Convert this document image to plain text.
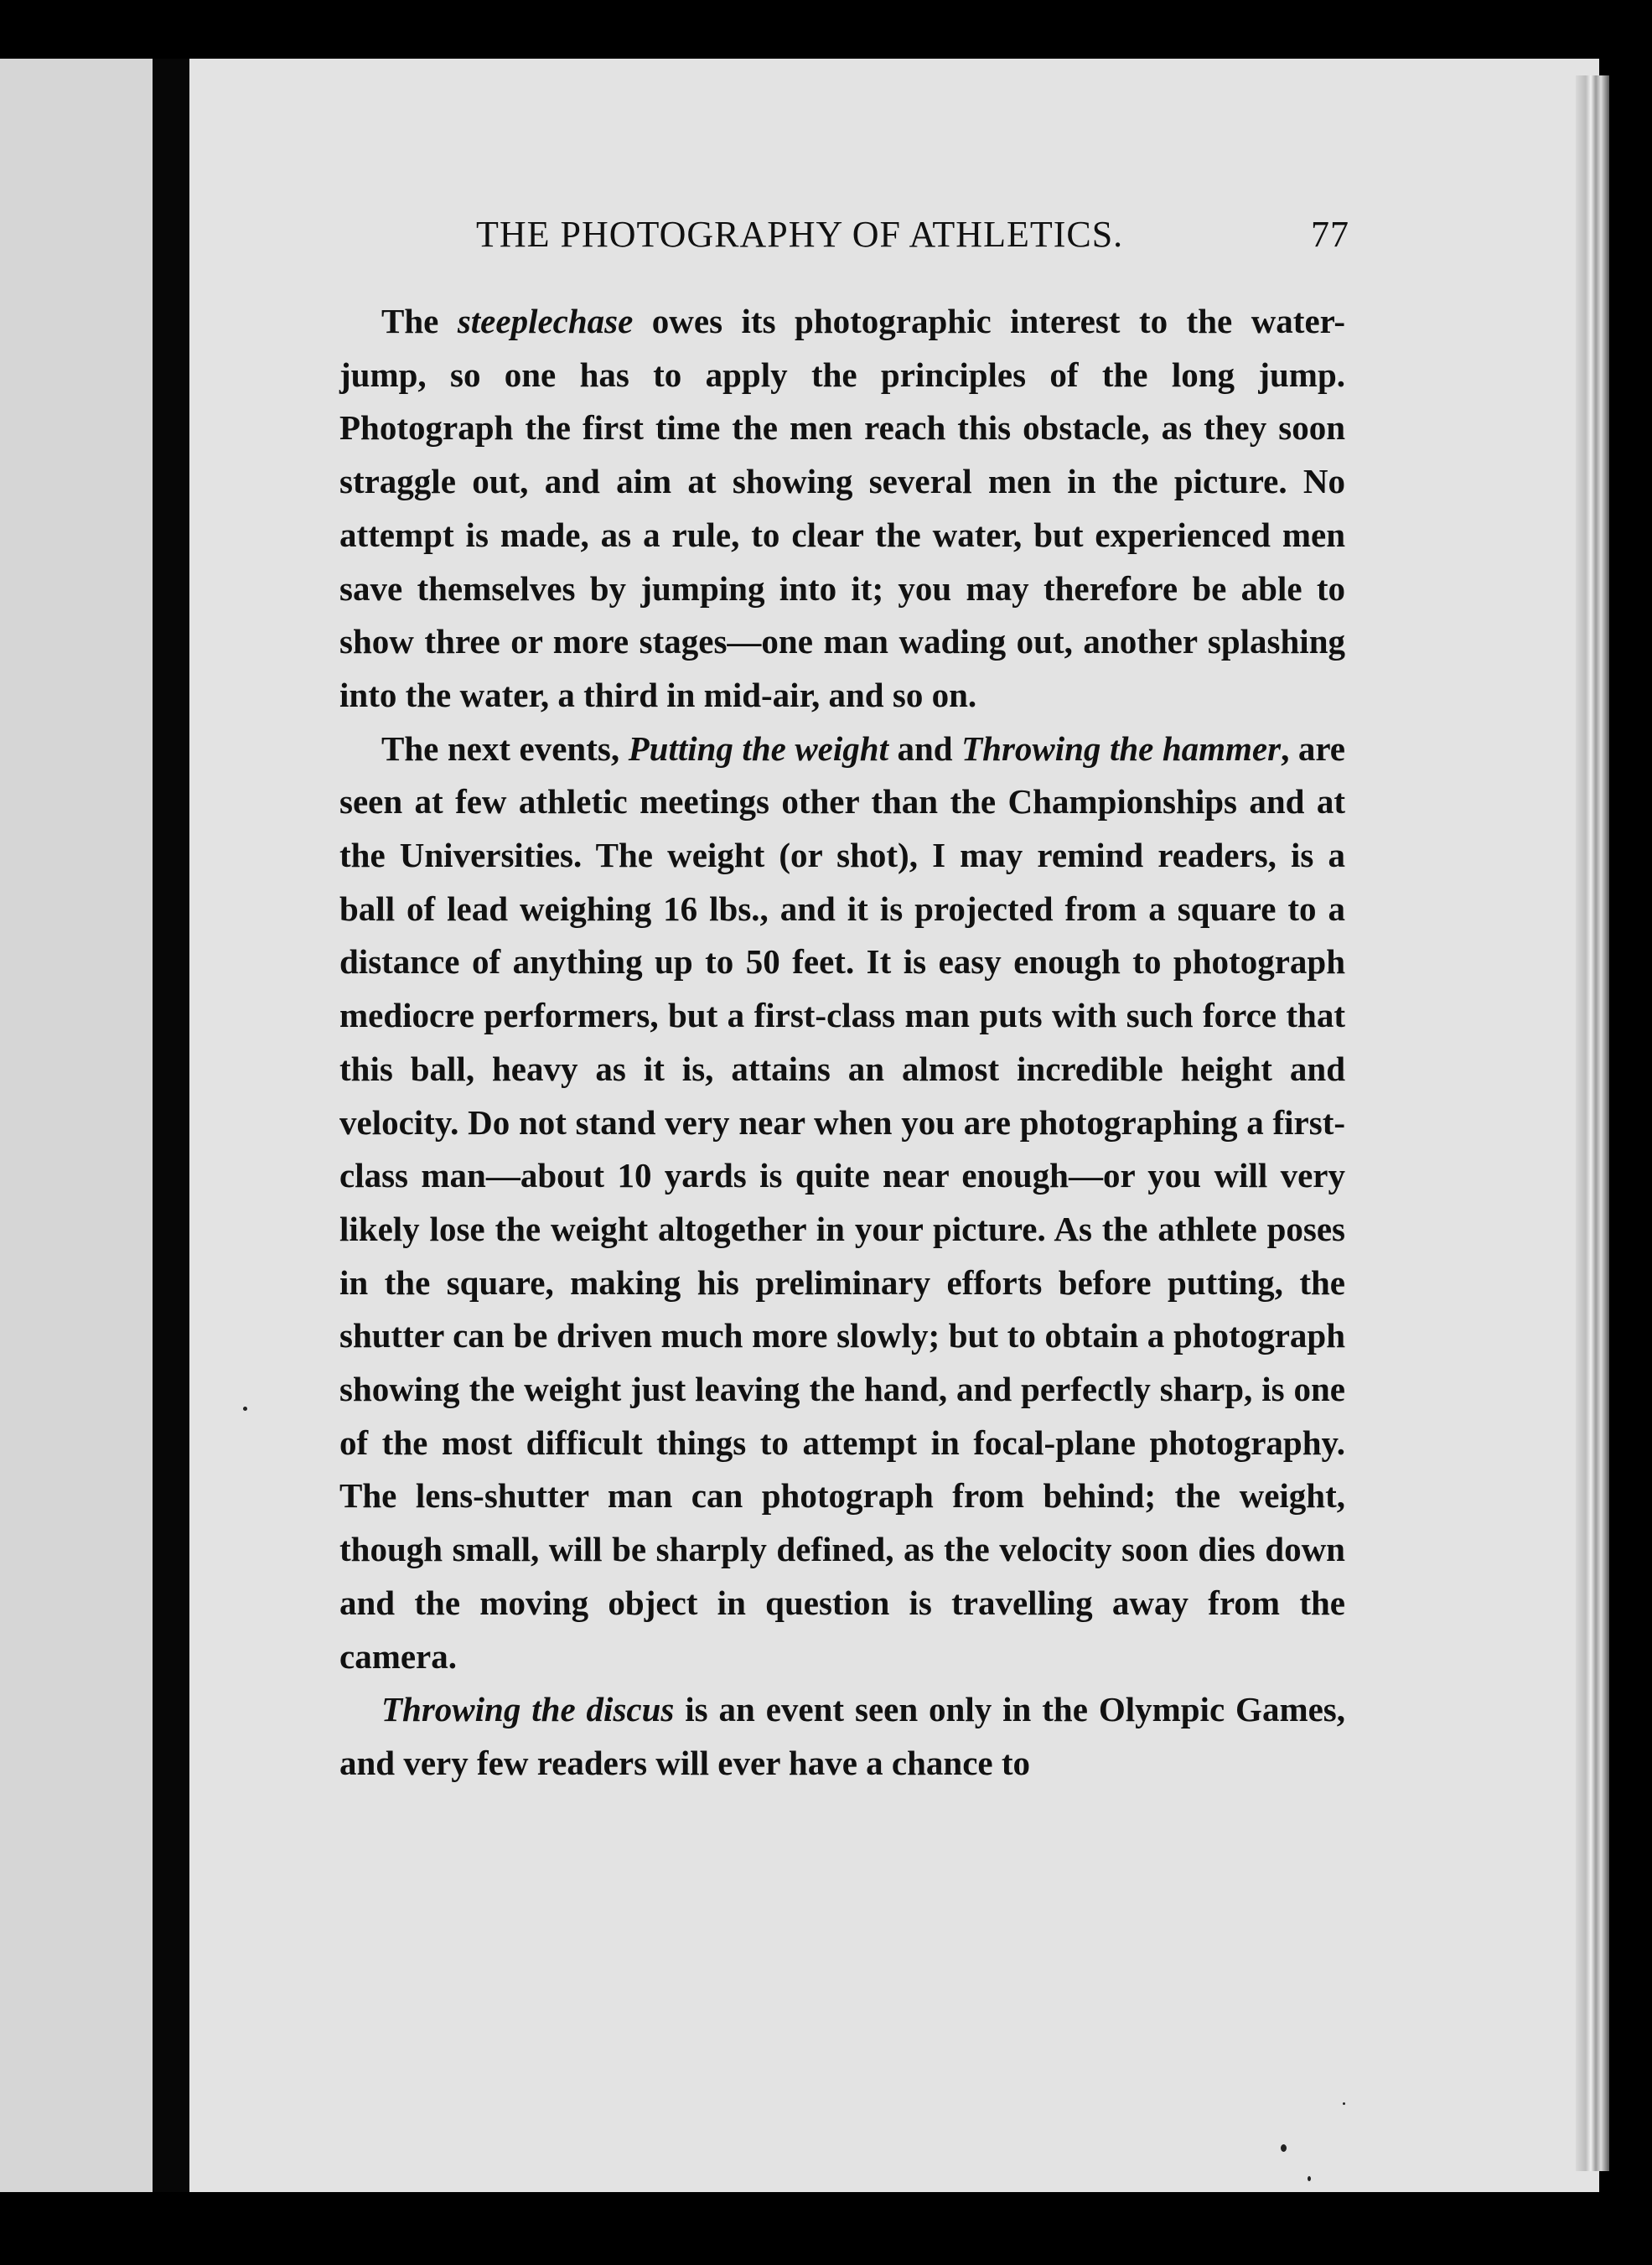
THE PHOTOGRAPHY OF ATHLETICS.	77

The steeplechase owes its photographic interest to the water-jump, so one has to apply the principles of the long jump. Photograph the first time the men reach this obstacle, as they soon straggle out, and aim at showing several men in the picture. No attempt is made, as a rule, to clear the water, but experienced men save themselves by jumping into it; you may therefore be able to show three or more stages—one man wading out, another splashing into the water, a third in mid-air, and so on.

The next events, Putting the weight and Throwing the hammer, are seen at few athletic meetings other than the Championships and at the Universities. The weight (or shot), I may remind readers, is a ball of lead weighing 16 lbs., and it is projected from a square to a distance of anything up to 50 feet. It is easy enough to photograph mediocre performers, but a first-class man puts with such force that this ball, heavy as it is, attains an almost incredible height and velocity. Do not stand very near when you are photographing a first-class man—about 10 yards is quite near enough—or you will very likely lose the weight altogether in your picture. As the athlete poses in the square, making his preliminary efforts before putting, the shutter can be driven much more slowly; but to obtain a photograph showing the weight just leaving the hand, and perfectly sharp, is one of the most difficult things to attempt in focal-plane photography. The lens-shutter man can photograph from behind; the weight, though small, will be sharply defined, as the velocity soon dies down and the moving object in question is travelling away from the camera.

Throwing the discus is an event seen only in the Olympic Games, and very few readers will ever have a chance to
